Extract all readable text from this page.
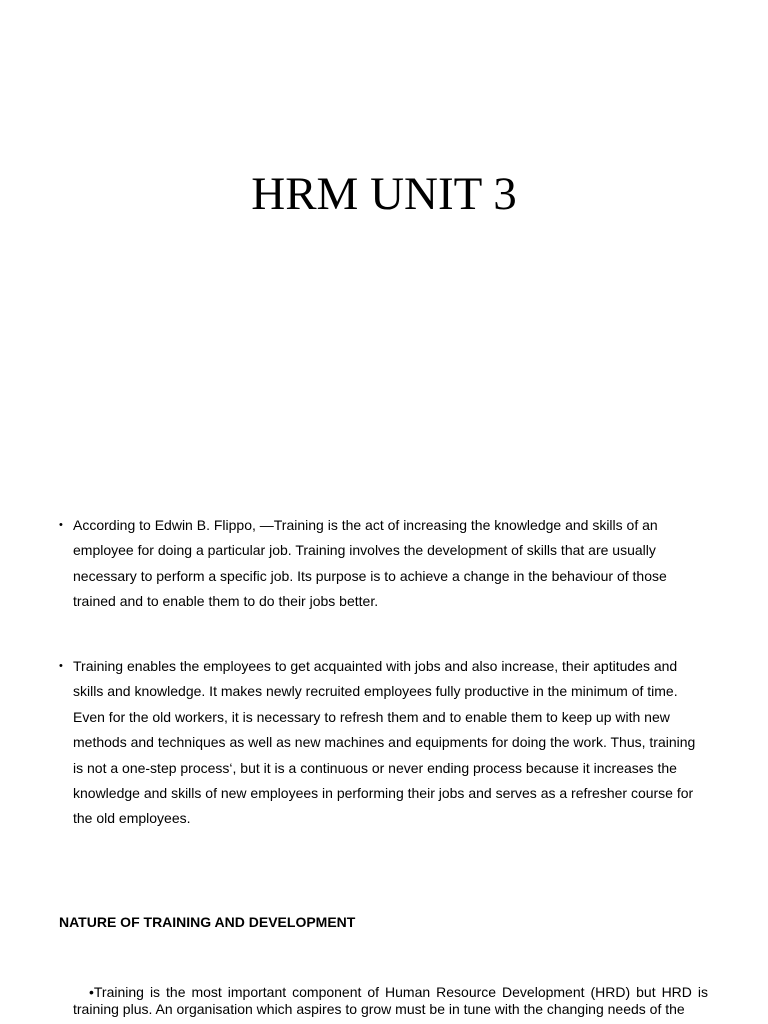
HRM UNIT 3
• According to Edwin B. Flippo, ―Training is the act of increasing the knowledge and skills of an employee for doing a particular job. Training involves the development of skills that are usually necessary to perform a specific job. Its purpose is to achieve a change in the behaviour of those trained and to enable them to do their jobs better.
• Training enables the employees to get acquainted with jobs and also increase, their aptitudes and skills and knowledge. It makes newly recruited employees fully productive in the minimum of time. Even for the old workers, it is necessary to refresh them and to enable them to keep up with new methods and techniques as well as new machines and equipments for doing the work. Thus, training is not a one-step process‘, but it is a continuous or never ending process because it increases the knowledge and skills of new employees in performing their jobs and serves as a refresher course for the old employees.
NATURE OF TRAINING AND DEVELOPMENT
•Training is the most important component of Human Resource Development (HRD) but HRD is training plus. An organisation which aspires to grow must be in tune with the changing needs of the
